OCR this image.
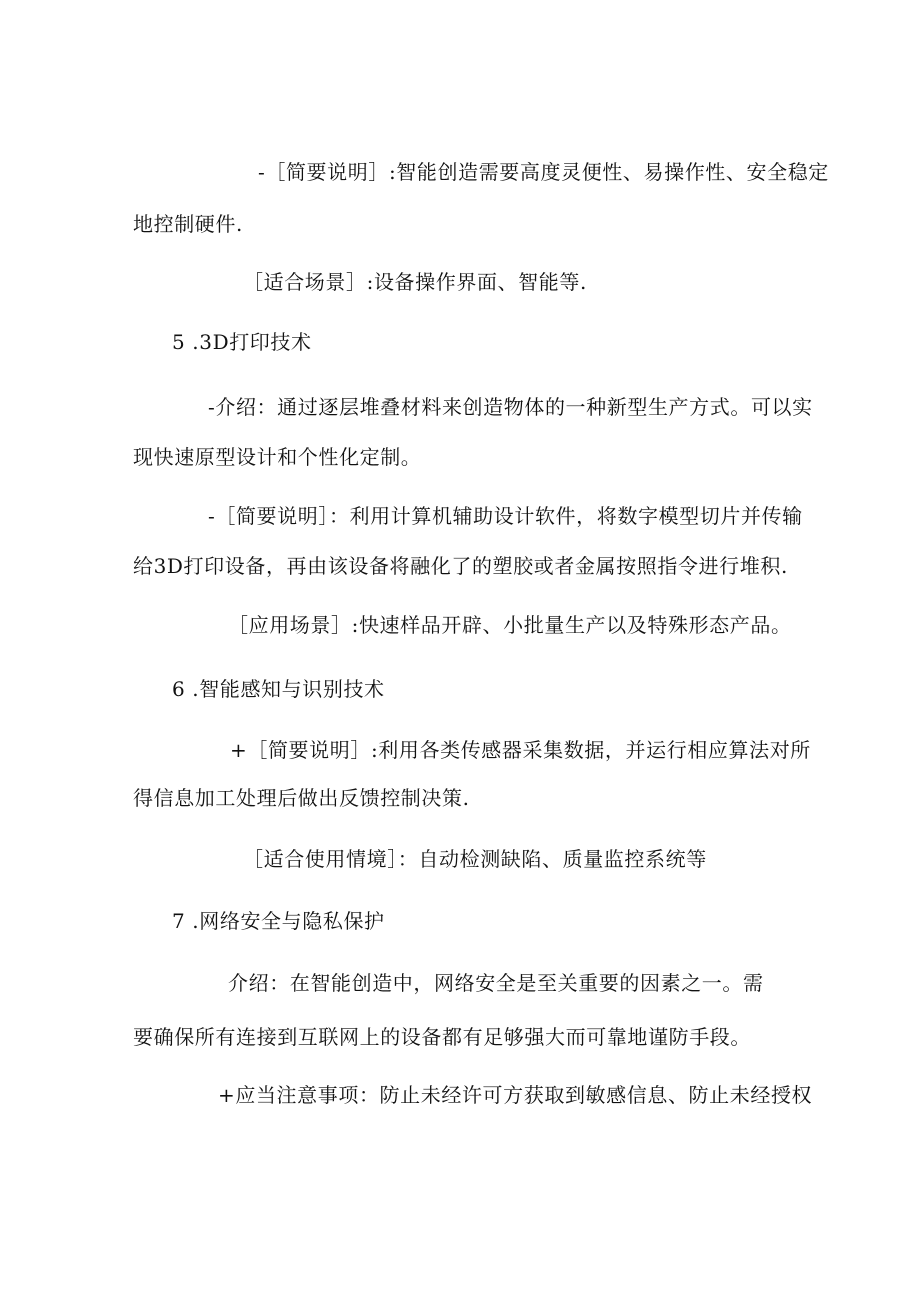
-［简要说明］:智能创造需要高度灵便性、易操作性、安全稳定
地控制硬件.
［适合场景］:设备操作界面、智能等.
5 .3D打印技术
-介绍：通过逐层堆叠材料来创造物体的一种新型生产方式。可以实
现快速原型设计和个性化定制。
-［简要说明］：利用计算机辅助设计软件，将数字模型切片并传输
给3D打印设备，再由该设备将融化了的塑胶或者金属按照指令进行堆积.
［应用场景］:快速样品开辟、小批量生产以及特殊形态产品。
6 .智能感知与识别技术
+［简要说明］:利用各类传感器采集数据，并运行相应算法对所
得信息加工处理后做出反馈控制决策.
［适合使用情境］：自动检测缺陷、质量监控系统等
7 .网络安全与隐私保护
介绍：在智能创造中，网络安全是至关重要的因素之一。需
要确保所有连接到互联网上的设备都有足够强大而可靠地谨防手段。
+应当注意事项：防止未经许可方获取到敏感信息、防止未经授权
